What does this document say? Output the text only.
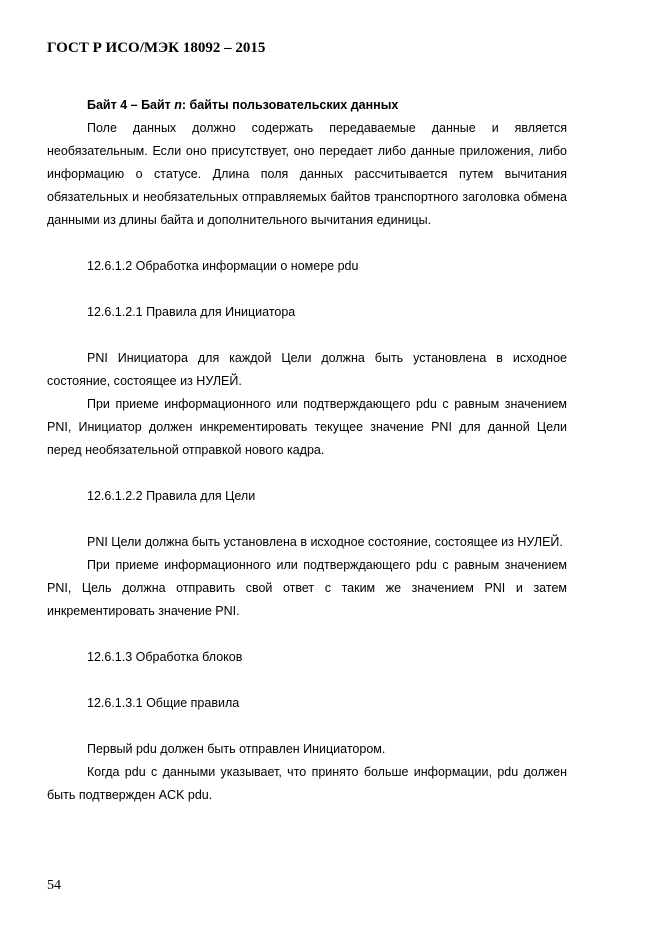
ГОСТ Р ИСО/МЭК 18092 – 2015

Байт 4 – Байт n: байты пользовательских данных

Поле данных должно содержать передаваемые данные и является необязательным. Если оно присутствует, оно передает либо данные приложения, либо информацию о статусе. Длина поля данных рассчитывается путем вычитания обязательных и необязательных отправляемых байтов транспортного заголовка обмена данными из длины байта и дополнительного вычитания единицы.

12.6.1.2 Обработка информации о номере pdu

12.6.1.2.1 Правила для Инициатора

PNI Инициатора для каждой Цели должна быть установлена в исходное состояние, состоящее из НУЛЕЙ.

При приеме информационного или подтверждающего pdu с равным значением PNI, Инициатор должен инкрементировать текущее значение PNI для данной Цели перед необязательной отправкой нового кадра.

12.6.1.2.2 Правила для Цели

PNI Цели должна быть установлена в исходное состояние, состоящее из НУЛЕЙ.

При приеме информационного или подтверждающего pdu с равным значением PNI, Цель должна отправить свой ответ с таким же значением PNI и затем инкрементировать значение PNI.

12.6.1.3 Обработка блоков

12.6.1.3.1 Общие правила

Первый pdu должен быть отправлен Инициатором.

Когда pdu с данными указывает, что принято больше информации, pdu должен быть подтвержден ACK pdu.

54
